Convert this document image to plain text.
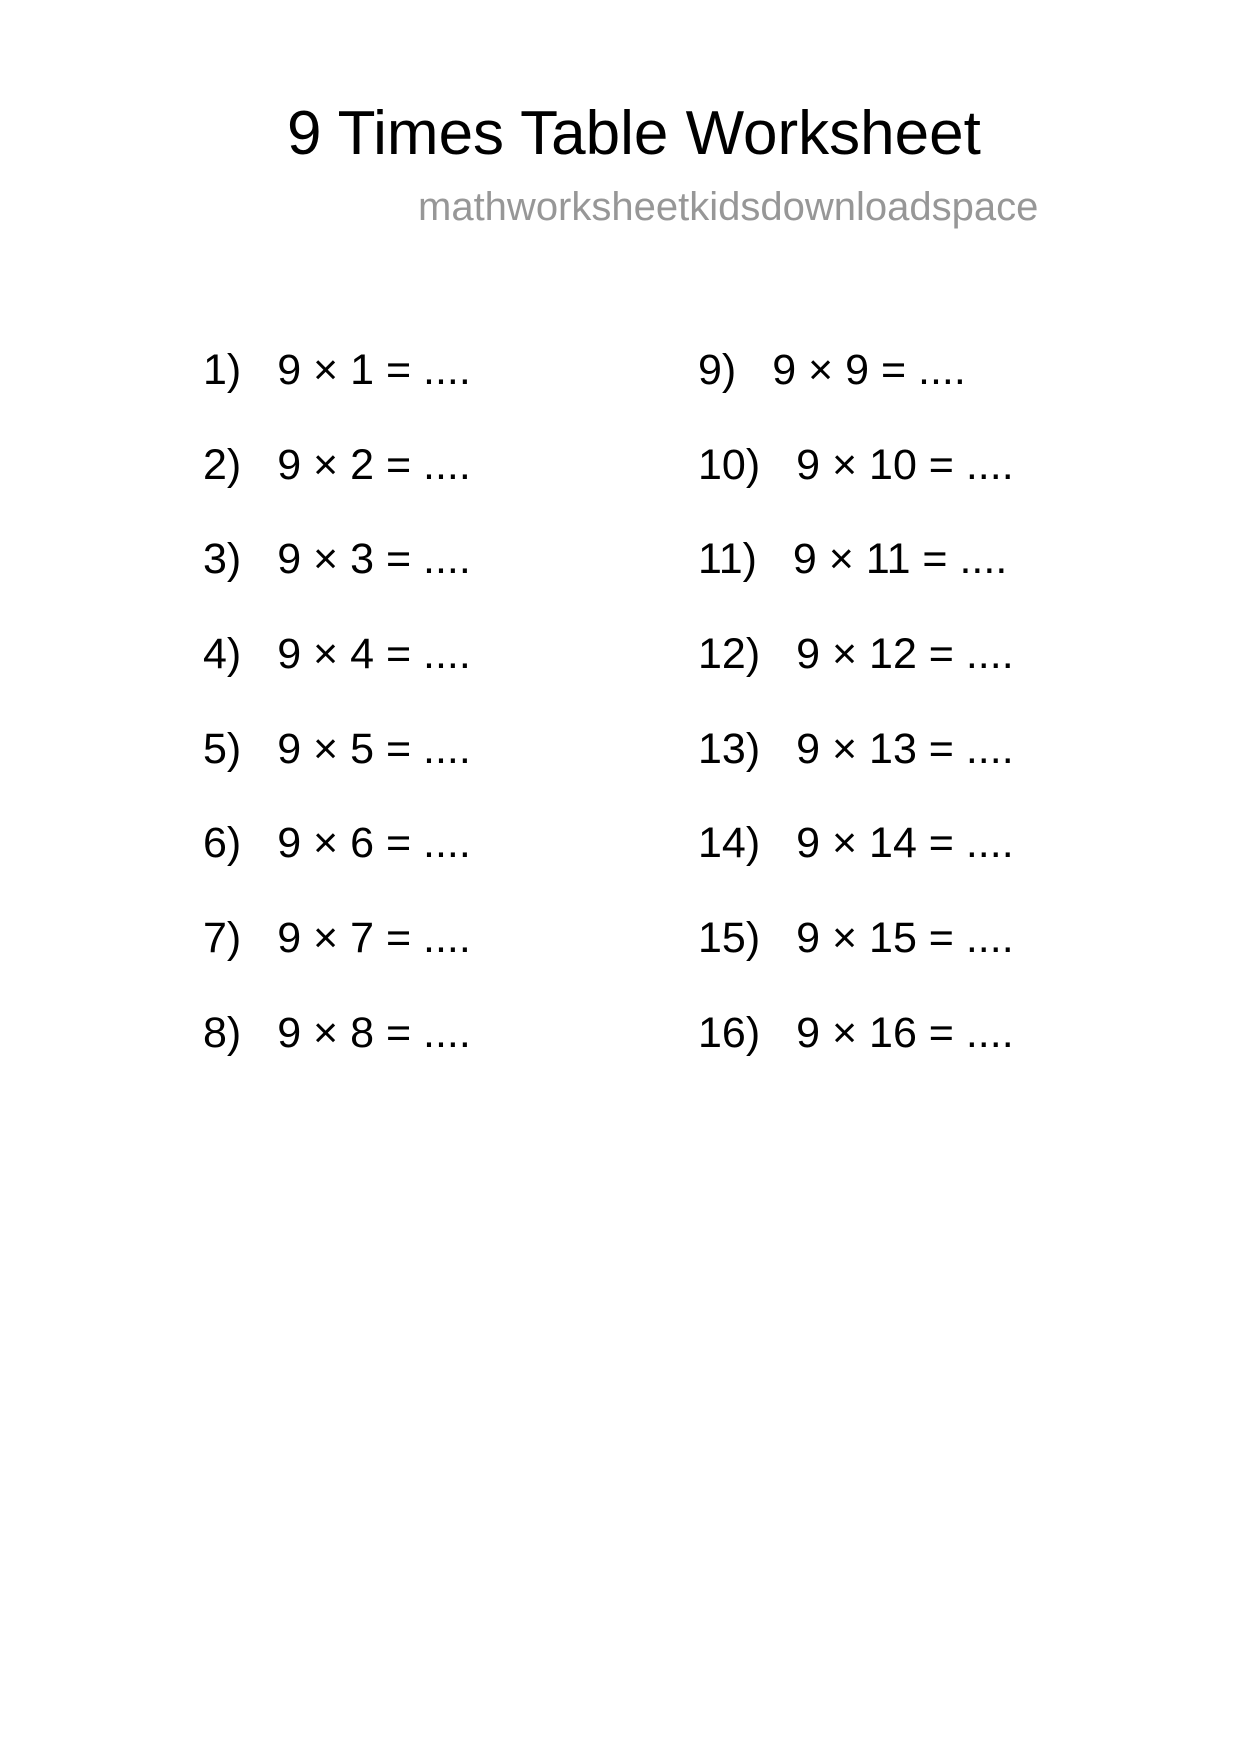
9 Times Table Worksheet
mathworksheetkidsdownloadspace
1) 9 × 1 = ....
2) 9 × 2 = ....
3) 9 × 3 = ....
4) 9 × 4 = ....
5) 9 × 5 = ....
6) 9 × 6 = ....
7) 9 × 7 = ....
8) 9 × 8 = ....
9) 9 × 9 = ....
10) 9 × 10 = ....
11) 9 × 11 = ....
12) 9 × 12 = ....
13) 9 × 13 = ....
14) 9 × 14 = ....
15) 9 × 15 = ....
16) 9 × 16 = ....
